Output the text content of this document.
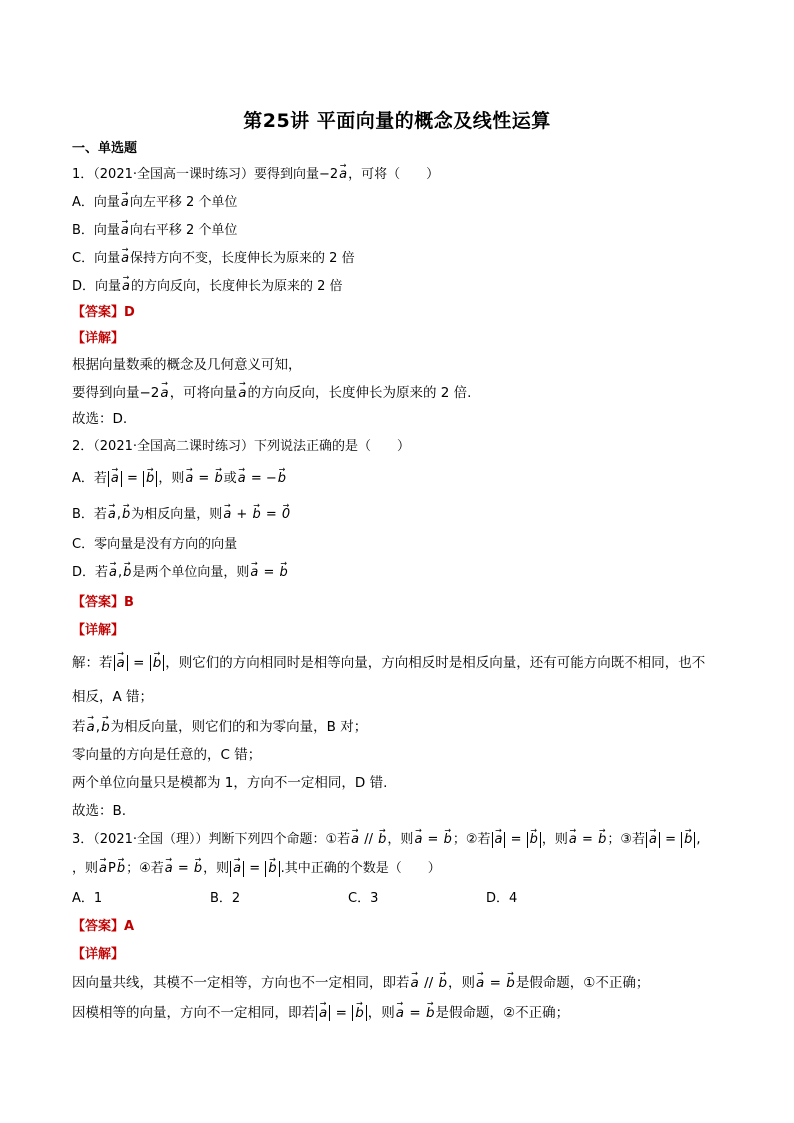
第25讲 平面向量的概念及线性运算
一、单选题
1．（2021·全国高一课时练习）要得到向量−2→ a，可将（　　）
A．向量→ a向左平移 2 个单位
B．向量→ a向右平移 2 个单位
C．向量→ a保持方向不变，长度伸长为原来的 2 倍
D．向量→ a的方向反向，长度伸长为原来的 2 倍
【答案】D
【详解】
根据向量数乘的概念及几何意义可知，
要得到向量−2→ a，可将向量→ a的方向反向，长度伸长为原来的 2 倍.
故选：D.
2．（2021·全国高二课时练习）下列说法正确的是（　　）
A．若 → a = → b ，则→ a = → b或→ a = −→ b
B．若→ a,→ b为相反向量，则→ a + → b = → 0
C．零向量是没有方向的向量
D．若→ a,→ b是两个单位向量，则→ a = → b
【答案】B
【详解】
解：若 → a = → b ，则它们的方向相同时是相等向量，方向相反时是相反向量，还有可能方向既不相同，也不
相反，A 错；
若→ a,→ b为相反向量，则它们的和为零向量，B 对；
零向量的方向是任意的，C 错；
两个单位向量只是模都为 1，方向不一定相同，D 错.
故选：B.
3．（2021·全国（理））判断下列四个命题：①若→ a // → b，则→ a = → b；②若 → a = → b ，则→ a = → b；③若 → a = → b ,
，则→ aP→ b；④若→ a = → b，则 → a = → b .其中正确的个数是（　　）
A．1	B．2	C．3	D．4
【答案】A
【详解】
因向量共线，其模不一定相等，方向也不一定相同，即若→ a // → b，则→ a = → b是假命题，①不正确；
因模相等的向量，方向不一定相同，即若 → a = → b ，则→ a = → b是假命题，②不正确；
